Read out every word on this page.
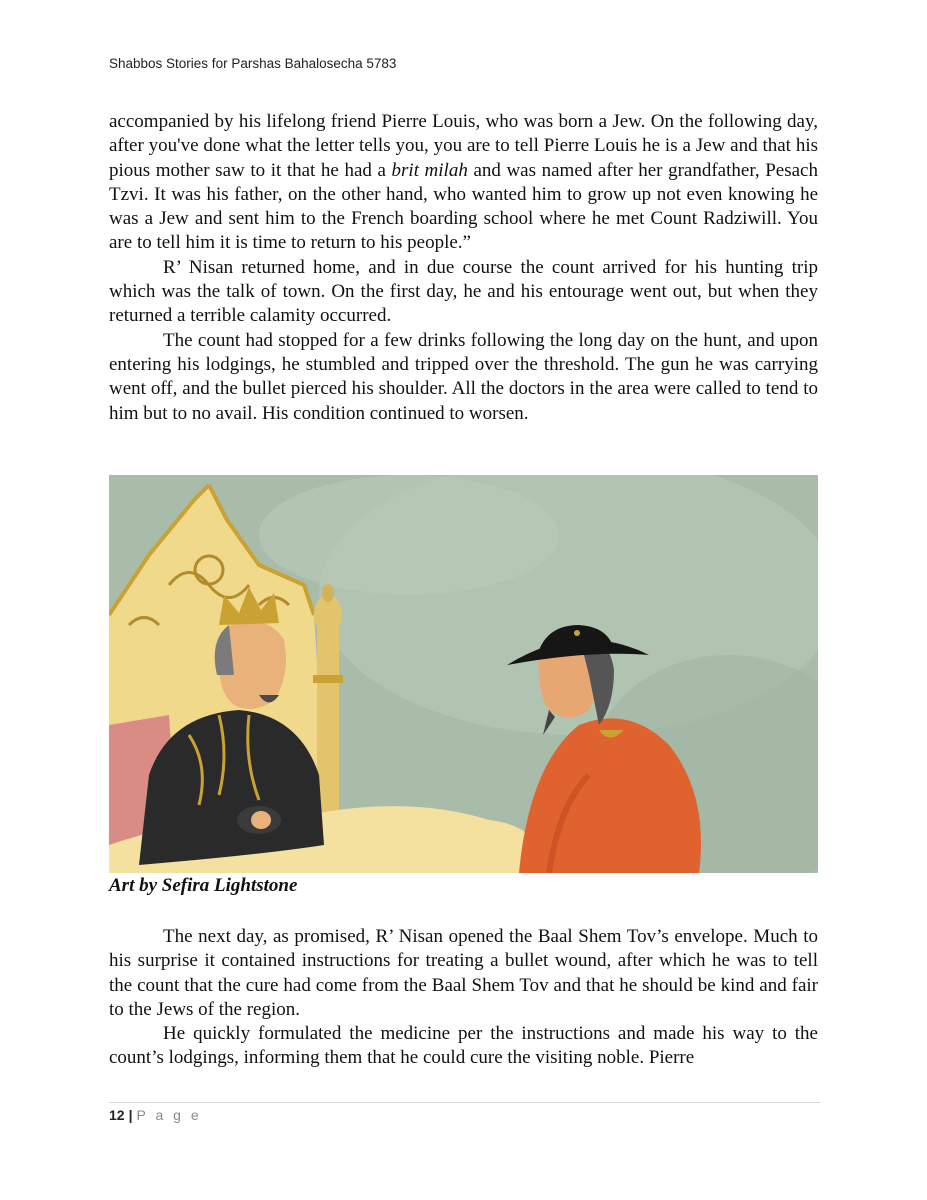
Shabbos Stories for Parshas Bahalosecha 5783

accompanied by his lifelong friend Pierre Louis, who was born a Jew. On the following day, after you've done what the letter tells you, you are to tell Pierre Louis he is a Jew and that his pious mother saw to it that he had a brit milah and was named after her grandfather, Pesach Tzvi. It was his father, on the other hand, who wanted him to grow up not even knowing he was a Jew and sent him to the French boarding school where he met Count Radziwill. You are to tell him it is time to return to his people.”

R’ Nisan returned home, and in due course the count arrived for his hunting trip which was the talk of town. On the first day, he and his entourage went out, but when they returned a terrible calamity occurred.

The count had stopped for a few drinks following the long day on the hunt, and upon entering his lodgings, he stumbled and tripped over the threshold. The gun he was carrying went off, and the bullet pierced his shoulder. All the doctors in the area were called to tend to him but to no avail. His condition continued to worsen.

Art by Sefira Lightstone

The next day, as promised, R’ Nisan opened the Baal Shem Tov’s envelope. Much to his surprise it contained instructions for treating a bullet wound, after which he was to tell the count that the cure had come from the Baal Shem Tov and that he should be kind and fair to the Jews of the region.

He quickly formulated the medicine per the instructions and made his way to the count’s lodgings, informing them that he could cure the visiting noble. Pierre

12 | P a g e
